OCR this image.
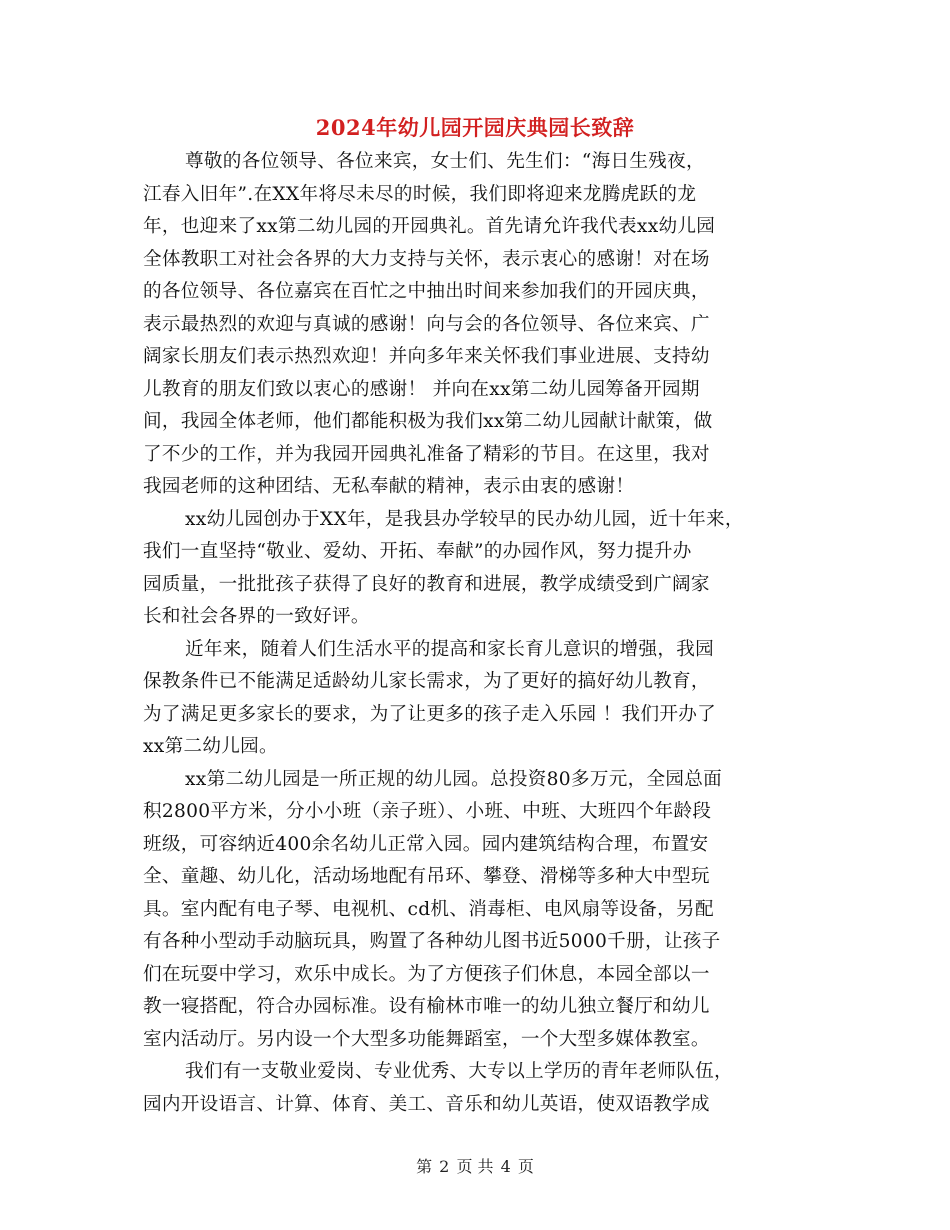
2024年幼儿园开园庆典园长致辞
尊敬的各位领导、各位来宾，女士们、先生们：“海日生残夜，
江春入旧年”.在XX年将尽未尽的时候，我们即将迎来龙腾虎跃的龙
年，也迎来了xx第二幼儿园的开园典礼。首先请允许我代表xx幼儿园
全体教职工对社会各界的大力支持与关怀，表示衷心的感谢！对在场
的各位领导、各位嘉宾在百忙之中抽出时间来参加我们的开园庆典，
表示最热烈的欢迎与真诚的感谢！向与会的各位领导、各位来宾、广
阔家长朋友们表示热烈欢迎！并向多年来关怀我们事业进展、支持幼
儿教育的朋友们致以衷心的感谢！ 并向在xx第二幼儿园筹备开园期
间，我园全体老师，他们都能积极为我们xx第二幼儿园献计献策，做
了不少的工作，并为我园开园典礼准备了精彩的节目。在这里，我对
我园老师的这种团结、无私奉献的精神，表示由衷的感谢！
xx幼儿园创办于XX年，是我县办学较早的民办幼儿园，近十年来，
我们一直坚持“敬业、爱幼、开拓、奉献”的办园作风，努力提升办
园质量，一批批孩子获得了良好的教育和进展，教学成绩受到广阔家
长和社会各界的一致好评。
近年来，随着人们生活水平的提高和家长育儿意识的增强，我园
保教条件已不能满足适龄幼儿家长需求，为了更好的搞好幼儿教育，
为了满足更多家长的要求，为了让更多的孩子走入乐园 ！我们开办了
xx第二幼儿园。
xx第二幼儿园是一所正规的幼儿园。总投资80多万元，全园总面
积2800平方米，分小小班（亲子班）、小班、中班、大班四个年龄段
班级，可容纳近400余名幼儿正常入园。园内建筑结构合理，布置安
全、童趣、幼儿化，活动场地配有吊环、攀登、滑梯等多种大中型玩
具。室内配有电子琴、电视机、cd机、消毒柜、电风扇等设备，另配
有各种小型动手动脑玩具，购置了各种幼儿图书近5000千册，让孩子
们在玩耍中学习，欢乐中成长。为了方便孩子们休息，本园全部以一
教一寝搭配，符合办园标准。设有榆林市唯一的幼儿独立餐厅和幼儿
室内活动厅。另内设一个大型多功能舞蹈室，一个大型多媒体教室。
我们有一支敬业爱岗、专业优秀、大专以上学历的青年老师队伍，
园内开设语言、计算、体育、美工、音乐和幼儿英语，使双语教学成
第 2 页 共 4 页
